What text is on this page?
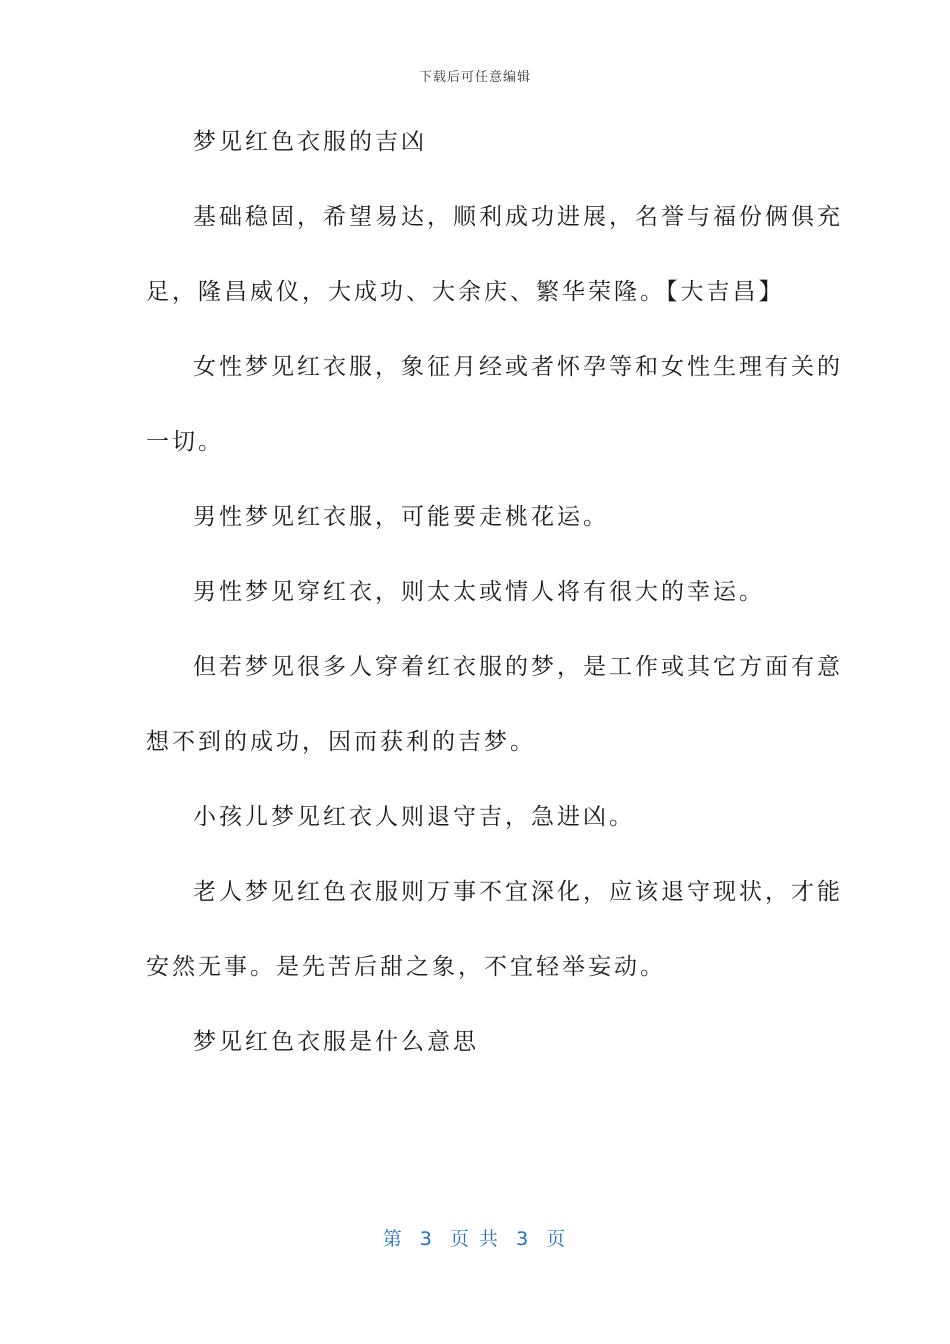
下载后可任意编辑
梦见红色衣服的吉凶
基础稳固，希望易达，顺利成功进展，名誉与福份俩俱充
足，隆昌威仪，大成功、大余庆、繁华荣隆。【大吉昌】
女性梦见红衣服，象征月经或者怀孕等和女性生理有关的
一切。
男性梦见红衣服，可能要走桃花运。
男性梦见穿红衣，则太太或情人将有很大的幸运。
但若梦见很多人穿着红衣服的梦，是工作或其它方面有意
想不到的成功，因而获利的吉梦。
小孩儿梦见红衣人则退守吉，急进凶。
老人梦见红色衣服则万事不宜深化，应该退守现状，才能
安然无事。是先苦后甜之象，不宜轻举妄动。
梦见红色衣服是什么意思
第  3  页 共  3  页
